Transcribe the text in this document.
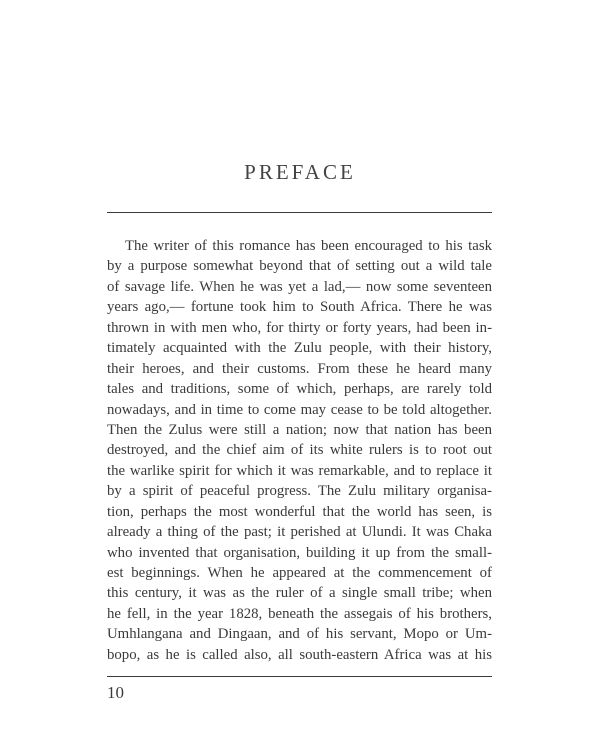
PREFACE
The writer of this romance has been encouraged to his task
by a purpose somewhat beyond that of setting out a wild tale
of savage life. When he was yet a lad,— now some seventeen
years ago,— fortune took him to South Africa. There he was
thrown in with men who, for thirty or forty years, had been in-
timately acquainted with the Zulu people, with their history,
their heroes, and their customs. From these he heard many
tales and traditions, some of which, perhaps, are rarely told
nowadays, and in time to come may cease to be told altogether.
Then the Zulus were still a nation; now that nation has been
destroyed, and the chief aim of its white rulers is to root out
the warlike spirit for which it was remarkable, and to replace it
by a spirit of peaceful progress. The Zulu military organisa-
tion, perhaps the most wonderful that the world has seen, is
already a thing of the past; it perished at Ulundi. It was Chaka
who invented that organisation, building it up from the small-
est beginnings. When he appeared at the commencement of
this century, it was as the ruler of a single small tribe; when
he fell, in the year 1828, beneath the assegais of his brothers,
Umhlangana and Dingaan, and of his servant, Mopo or Um-
bopo, as he is called also, all south-eastern Africa was at his
10
